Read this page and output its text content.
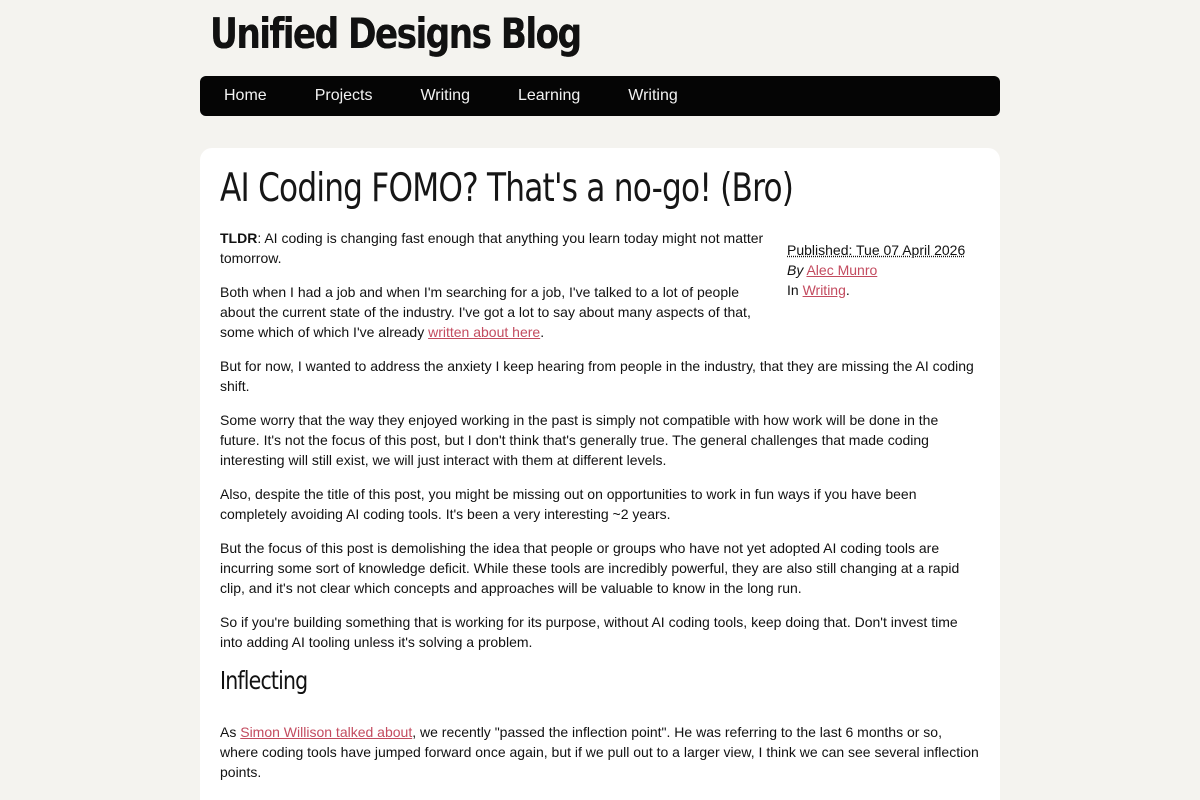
Unified Designs Blog
Home	Projects	Writing	Learning	Writing
AI Coding FOMO? That's a no-go! (Bro)
Published: Tue 07 April 2026
By Alec Munro
In Writing.

TLDR: AI coding is changing fast enough that anything you learn today might not matter tomorrow.

Both when I had a job and when I'm searching for a job, I've talked to a lot of people about the current state of the industry. I've got a lot to say about many aspects of that, some which of which I've already written about here.

But for now, I wanted to address the anxiety I keep hearing from people in the industry, that they are missing the AI coding shift.

Some worry that the way they enjoyed working in the past is simply not compatible with how work will be done in the future. It's not the focus of this post, but I don't think that's generally true. The general challenges that made coding interesting will still exist, we will just interact with them at different levels.

Also, despite the title of this post, you might be missing out on opportunities to work in fun ways if you have been completely avoiding AI coding tools. It's been a very interesting ~2 years.

But the focus of this post is demolishing the idea that people or groups who have not yet adopted AI coding tools are incurring some sort of knowledge deficit. While these tools are incredibly powerful, they are also still changing at a rapid clip, and it's not clear which concepts and approaches will be valuable to know in the long run.

So if you're building something that is working for its purpose, without AI coding tools, keep doing that. Don't invest time into adding AI tooling unless it's solving a problem.

Inflecting

As Simon Willison talked about, we recently "passed the inflection point". He was referring to the last 6 months or so, where coding tools have jumped forward once again, but if we pull out to a larger view, I think we can see several inflection points.
